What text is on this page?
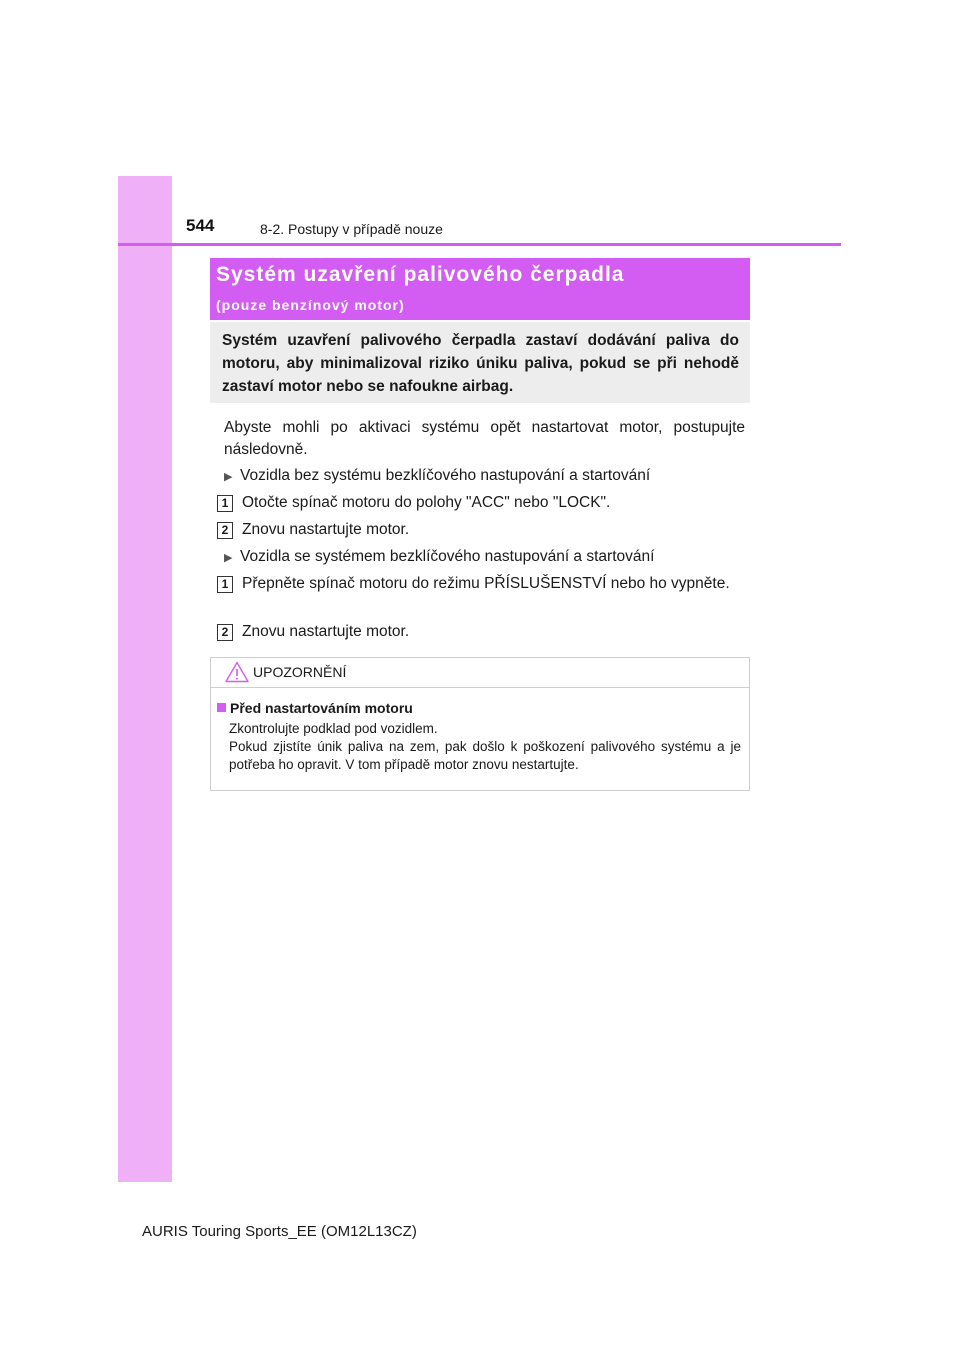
544	8-2. Postupy v případě nouze
Systém uzavření palivového čerpadla
(pouze benzínový motor)

Systém uzavření palivového čerpadla zastaví dodávání paliva do motoru, aby minimalizoval riziko úniku paliva, pokud se při nehodě zastaví motor nebo se nafoukne airbag.

Abyste mohli po aktivaci systému opět nastartovat motor, postupujte následovně.

▶ Vozidla bez systému bezklíčového nastupování a startování
1 Otočte spínač motoru do polohy "ACC" nebo "LOCK".

2 Znovu nastartujte motor.

▶ Vozidla se systémem bezklíčového nastupování a startování
1 Přepněte spínač motoru do režimu PŘÍSLUŠENSTVÍ nebo ho vypněte.

2 Znovu nastartujte motor.

UPOZORNĚNÍ
Před nastartováním motoru

Zkontrolujte podklad pod vozidlem.
Pokud zjistíte únik paliva na zem, pak došlo k poškození palivového systému a je potřeba ho opravit. V tom případě motor znovu nestartujte.

AURIS Touring Sports_EE (OM12L13CZ)
